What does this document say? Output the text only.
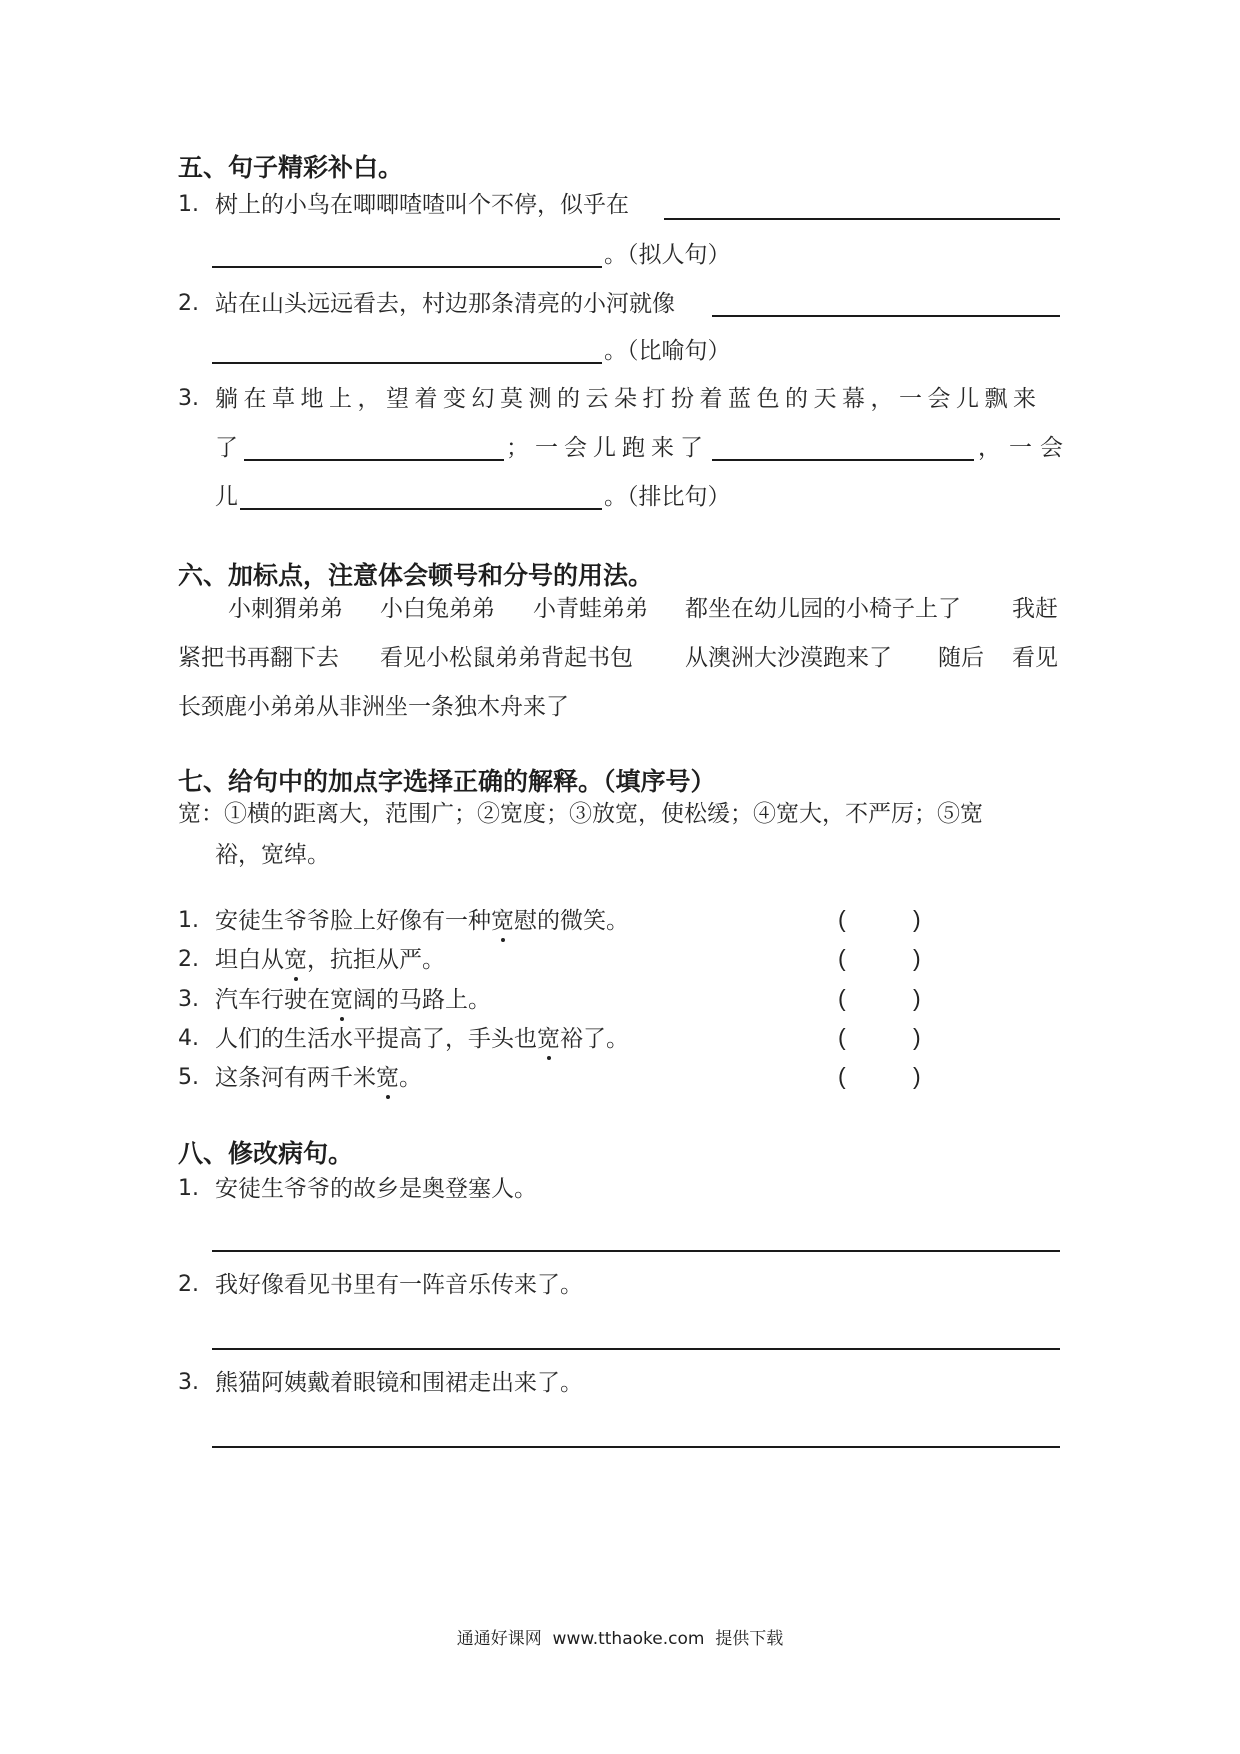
五、句子精彩补白。
1. 树上的小鸟在唧唧喳喳叫个不停，似乎在
。（拟人句）
2. 站在山头远远看去，村边那条清亮的小河就像
。（比喻句）
3. 躺在草地上，望着变幻莫测的云朵打扮着蓝色的天幕，一会儿飘来
了	；一会儿跑来了	，一会
儿	。（排比句）
六、加标点，注意体会顿号和分号的用法。
小刺猬弟弟 小白兔弟弟 小青蛙弟弟 都坐在幼儿园的小椅子上了 我赶
紧把书再翻下去 看见小松鼠弟弟背起书包 从澳洲大沙漠跑来了 随后 看见
长颈鹿小弟弟从非洲坐一条独木舟来了
七、给句中的加点字选择正确的解释。（填序号）
宽：①横的距离大，范围广；②宽度；③放宽，使松缓；④宽大，不严厉；⑤宽
裕，宽绰。
1. 安徒生爷爷脸上好像有一种宽慰的微笑。	(	)
2. 坦白从宽，抗拒从严。	(	)
3. 汽车行驶在宽阔的马路上。	(	)
4. 人们的生活水平提高了，手头也宽裕了。	(	)
5. 这条河有两千米宽。	(	)
八、修改病句。
1. 安徒生爷爷的故乡是奥登塞人。
2. 我好像看见书里有一阵音乐传来了。
3. 熊猫阿姨戴着眼镜和围裙走出来了。
通通好课网  www.tthaoke.com  提供下载
